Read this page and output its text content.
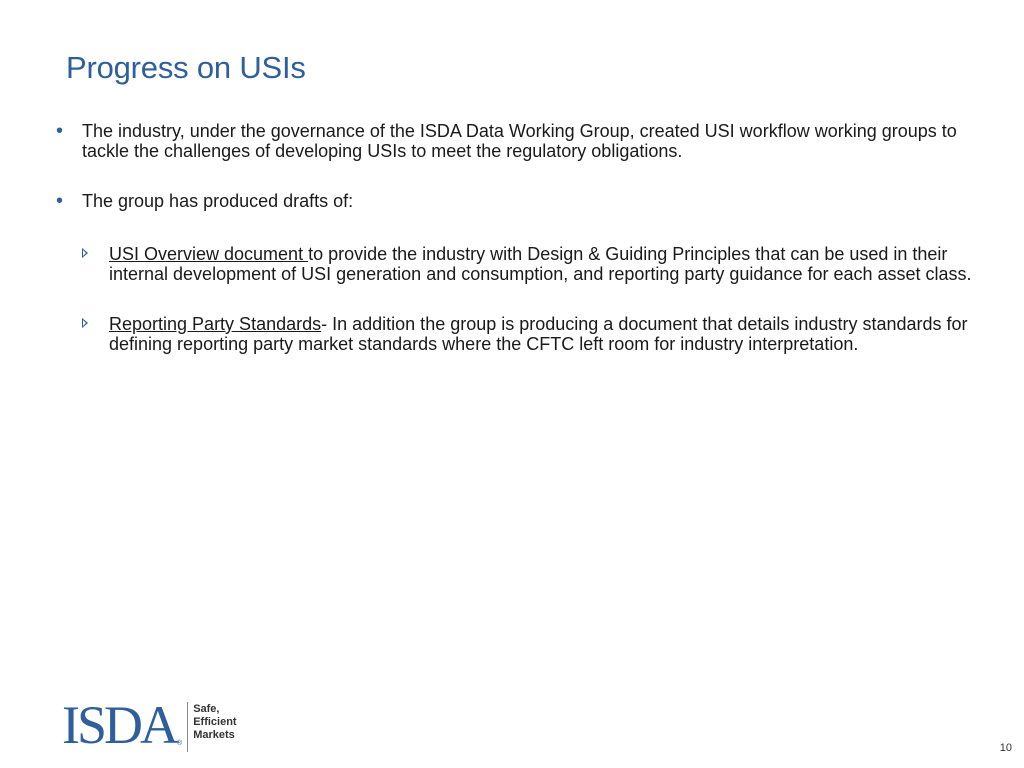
Progress on USIs
• The industry, under the governance of the ISDA Data Working Group, created USI workflow working groups to tackle the challenges of developing USIs to meet the regulatory obligations.
• The group has produced drafts of:
USI Overview document to provide the industry with Design & Guiding Principles that can be used in their internal development of USI generation and consumption, and reporting party guidance for each asset class.
Reporting Party Standards- In addition the group is producing a document that details industry standards for defining reporting party market standards where the CFTC left room for industry interpretation.
ISDA ®
Safe,
Efficient
Markets
10
